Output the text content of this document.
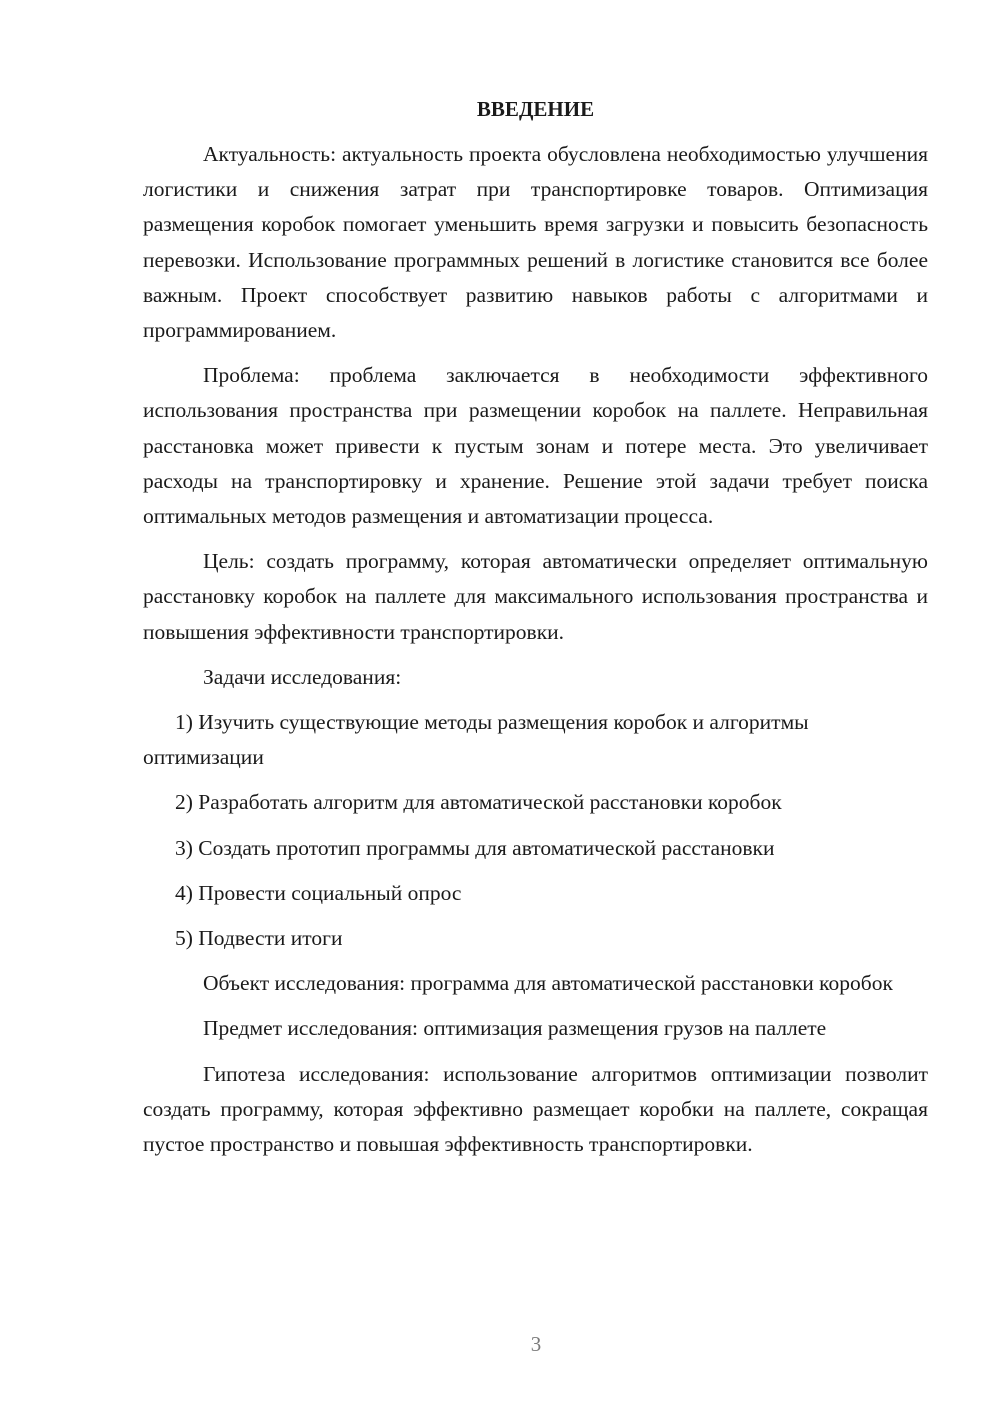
ВВЕДЕНИЕ

Актуальность: актуальность проекта обусловлена необходимостью улучшения логистики и снижения затрат при транспортировке товаров. Оптимизация размещения коробок помогает уменьшить время загрузки и повысить безопасность перевозки. Использование программных решений в логистике становится все более важным. Проект способствует развитию навыков работы с алгоритмами и программированием.

Проблема: проблема заключается в необходимости эффективного использования пространства при размещении коробок на паллете. Неправильная расстановка может привести к пустым зонам и потере места. Это увеличивает расходы на транспортировку и хранение. Решение этой задачи требует поиска оптимальных методов размещения и автоматизации процесса.

Цель: создать программу, которая автоматически определяет оптимальную расстановку коробок на паллете для максимального использования пространства и повышения эффективности транспортировки.

Задачи исследования:

1) Изучить существующие методы размещения коробок и алгоритмы оптимизации

2) Разработать алгоритм для автоматической расстановки коробок

3) Создать прототип программы для автоматической расстановки

4) Провести социальный опрос

5) Подвести итоги

Объект исследования: программа для автоматической расстановки коробок

Предмет исследования: оптимизация размещения грузов на паллете

Гипотеза исследования: использование алгоритмов оптимизации позволит создать программу, которая эффективно размещает коробки на паллете, сокращая пустое пространство и повышая эффективность транспортировки.

3
